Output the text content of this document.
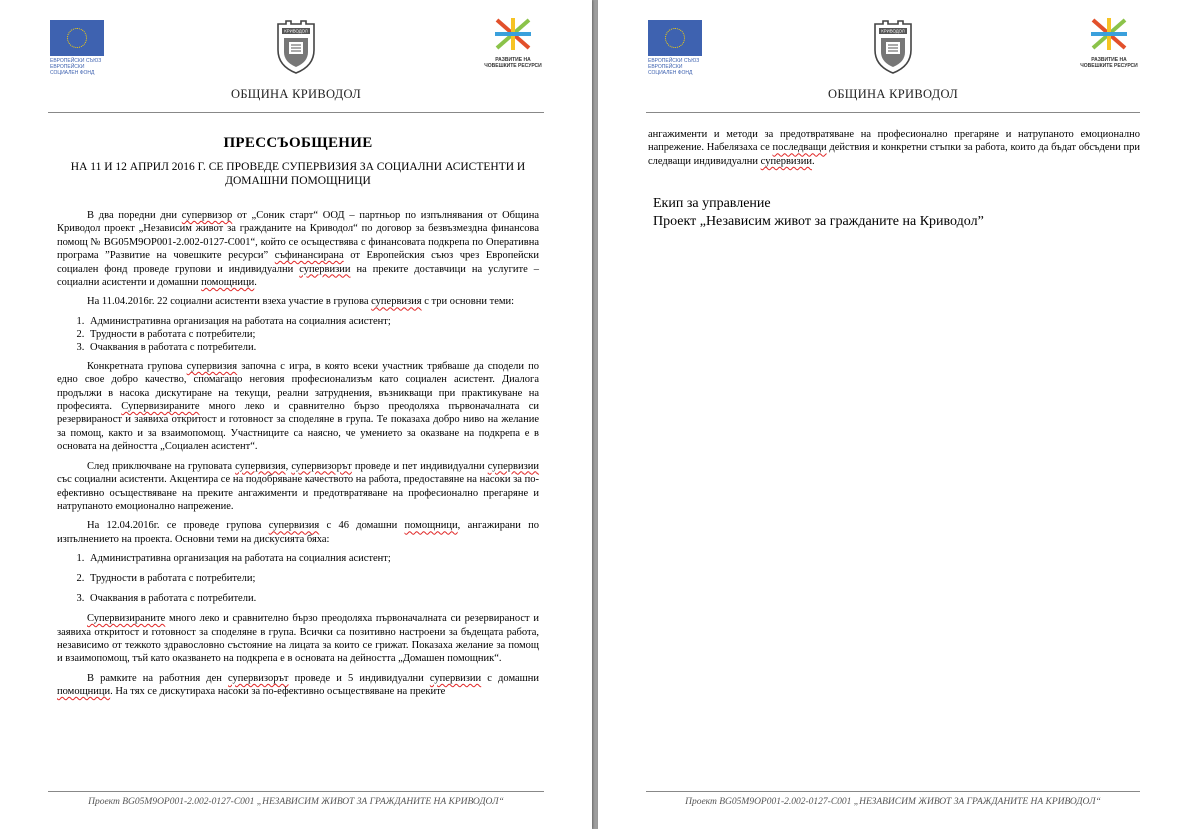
ЕВРОПЕЙСКИ СЪЮЗ
ЕВРОПЕЙСКИ
СОЦИАЛЕН ФОНД
КРИВОДОЛ
ОБЩИНА КРИВОДОЛ
РАЗВИТИЕ НА
ЧОВЕШКИТЕ РЕСУРСИ
ПРЕССЪОБЩЕНИЕ
НА 11 И 12 АПРИЛ 2016 Г. СЕ ПРОВЕДЕ СУПЕРВИЗИЯ ЗА СОЦИАЛНИ АСИСТЕНТИ И
ДОМАШНИ ПОМОЩНИЦИ

В два поредни дни супервизор от „Соник старт“ ООД – партньор по изпълнявания от Община Криводол проект „Независим живот за гражданите на Криводол“ по договор за безвъзмездна финансова помощ № BG05M9OP001-2.002-0127-C001“, който се осъществява с финансовата подкрепа по Оперативна програма ”Развитие на човешките ресурси” съфинансирана от Европейския съюз чрез Европейски социален фонд проведе групови и индивидуални супервизии на преките доставчици на услугите – социални асистенти и домашни помощници.

На 11.04.2016г. 22 социални асистенти взеха участие в групова супервизия с три основни теми:

1. Административна организация на работата на социалния асистент;
2. Трудности в работата с потребители;
3. Очаквания в работата с потребители.

Конкретната групова супервизия започна с игра, в която всеки участник трябваше да сподели по едно свое добро качество, спомагащо неговия професионализъм като социален асистент. Диалога продължи в насока дискутиране на текущи, реални затруднения, възникващи при практикуване на професията. Супервизираните много леко и сравнително бързо преодоляха първоначалната си резервираност и заявиха откритост и готовност за споделяне в група. Те показаха добро ниво на желание за помощ, както и за взаимопомощ. Участниците са наясно, че умението за оказване на подкрепа е в основата на дейността „Социален асистент“.

След приключване на груповата супервизия, супервизорът проведе и пет индивидуални супервизии със социални асистенти. Акцентира се на подобряване качеството на работа, предоставяне на насоки за по-ефективно осъществяване на преките ангажименти и предотвратяване на професионално прегаряне и натрупаното емоционално напрежение.

На 12.04.2016г. се проведе групова супервизия с 46 домашни помощници, ангажирани по изпълнението на проекта. Основни теми на дискусията бяха:

1. Административна организация на работата на социалния асистент;
2. Трудности в работата с потребители;
3. Очаквания в работата с потребители.

Супервизираните много леко и сравнително бързо преодоляха първоначалната си резервираност и заявиха откритост и готовност за споделяне в група. Всички са позитивно настроени за бъдещата работа, независимо от тежкото здравословно състояние на лицата за които се грижат. Показаха желание за помощ и взаимопомощ, тъй като оказването на подкрепа е в основата на дейността „Домашен помощник“.

В рамките на работния ден супервизорът проведе и 5 индивидуални супервизии с домашни помощници. На тях се дискутираха насоки за по-ефективно осъществяване на преките

Проект BG05М9ОР001-2.002-0127-С001 „НЕЗАВИСИМ ЖИВОТ ЗА ГРАЖДАНИТЕ НА КРИВОДОЛ“
ЕВРОПЕЙСКИ СЪЮЗ
ЕВРОПЕЙСКИ
СОЦИАЛЕН ФОНД
КРИВОДОЛ
ОБЩИНА КРИВОДОЛ
РАЗВИТИЕ НА
ЧОВЕШКИТЕ РЕСУРСИ
Проект BG05М9ОР001-2.002-0127-С001 „НЕЗАВИСИМ ЖИВОТ ЗА ГРАЖДАНИТЕ НА КРИВОДОЛ“

ангажименти и методи за предотвратяване на професионално прегаряне и натрупаното емоционално напрежение. Набелязаха се последващи действия и конкретни стъпки за работа, които да бъдат обсъдени при следващи индивидуални супервизии.

Екип за управление
Проект „Независим живот за гражданите на Криводол”
